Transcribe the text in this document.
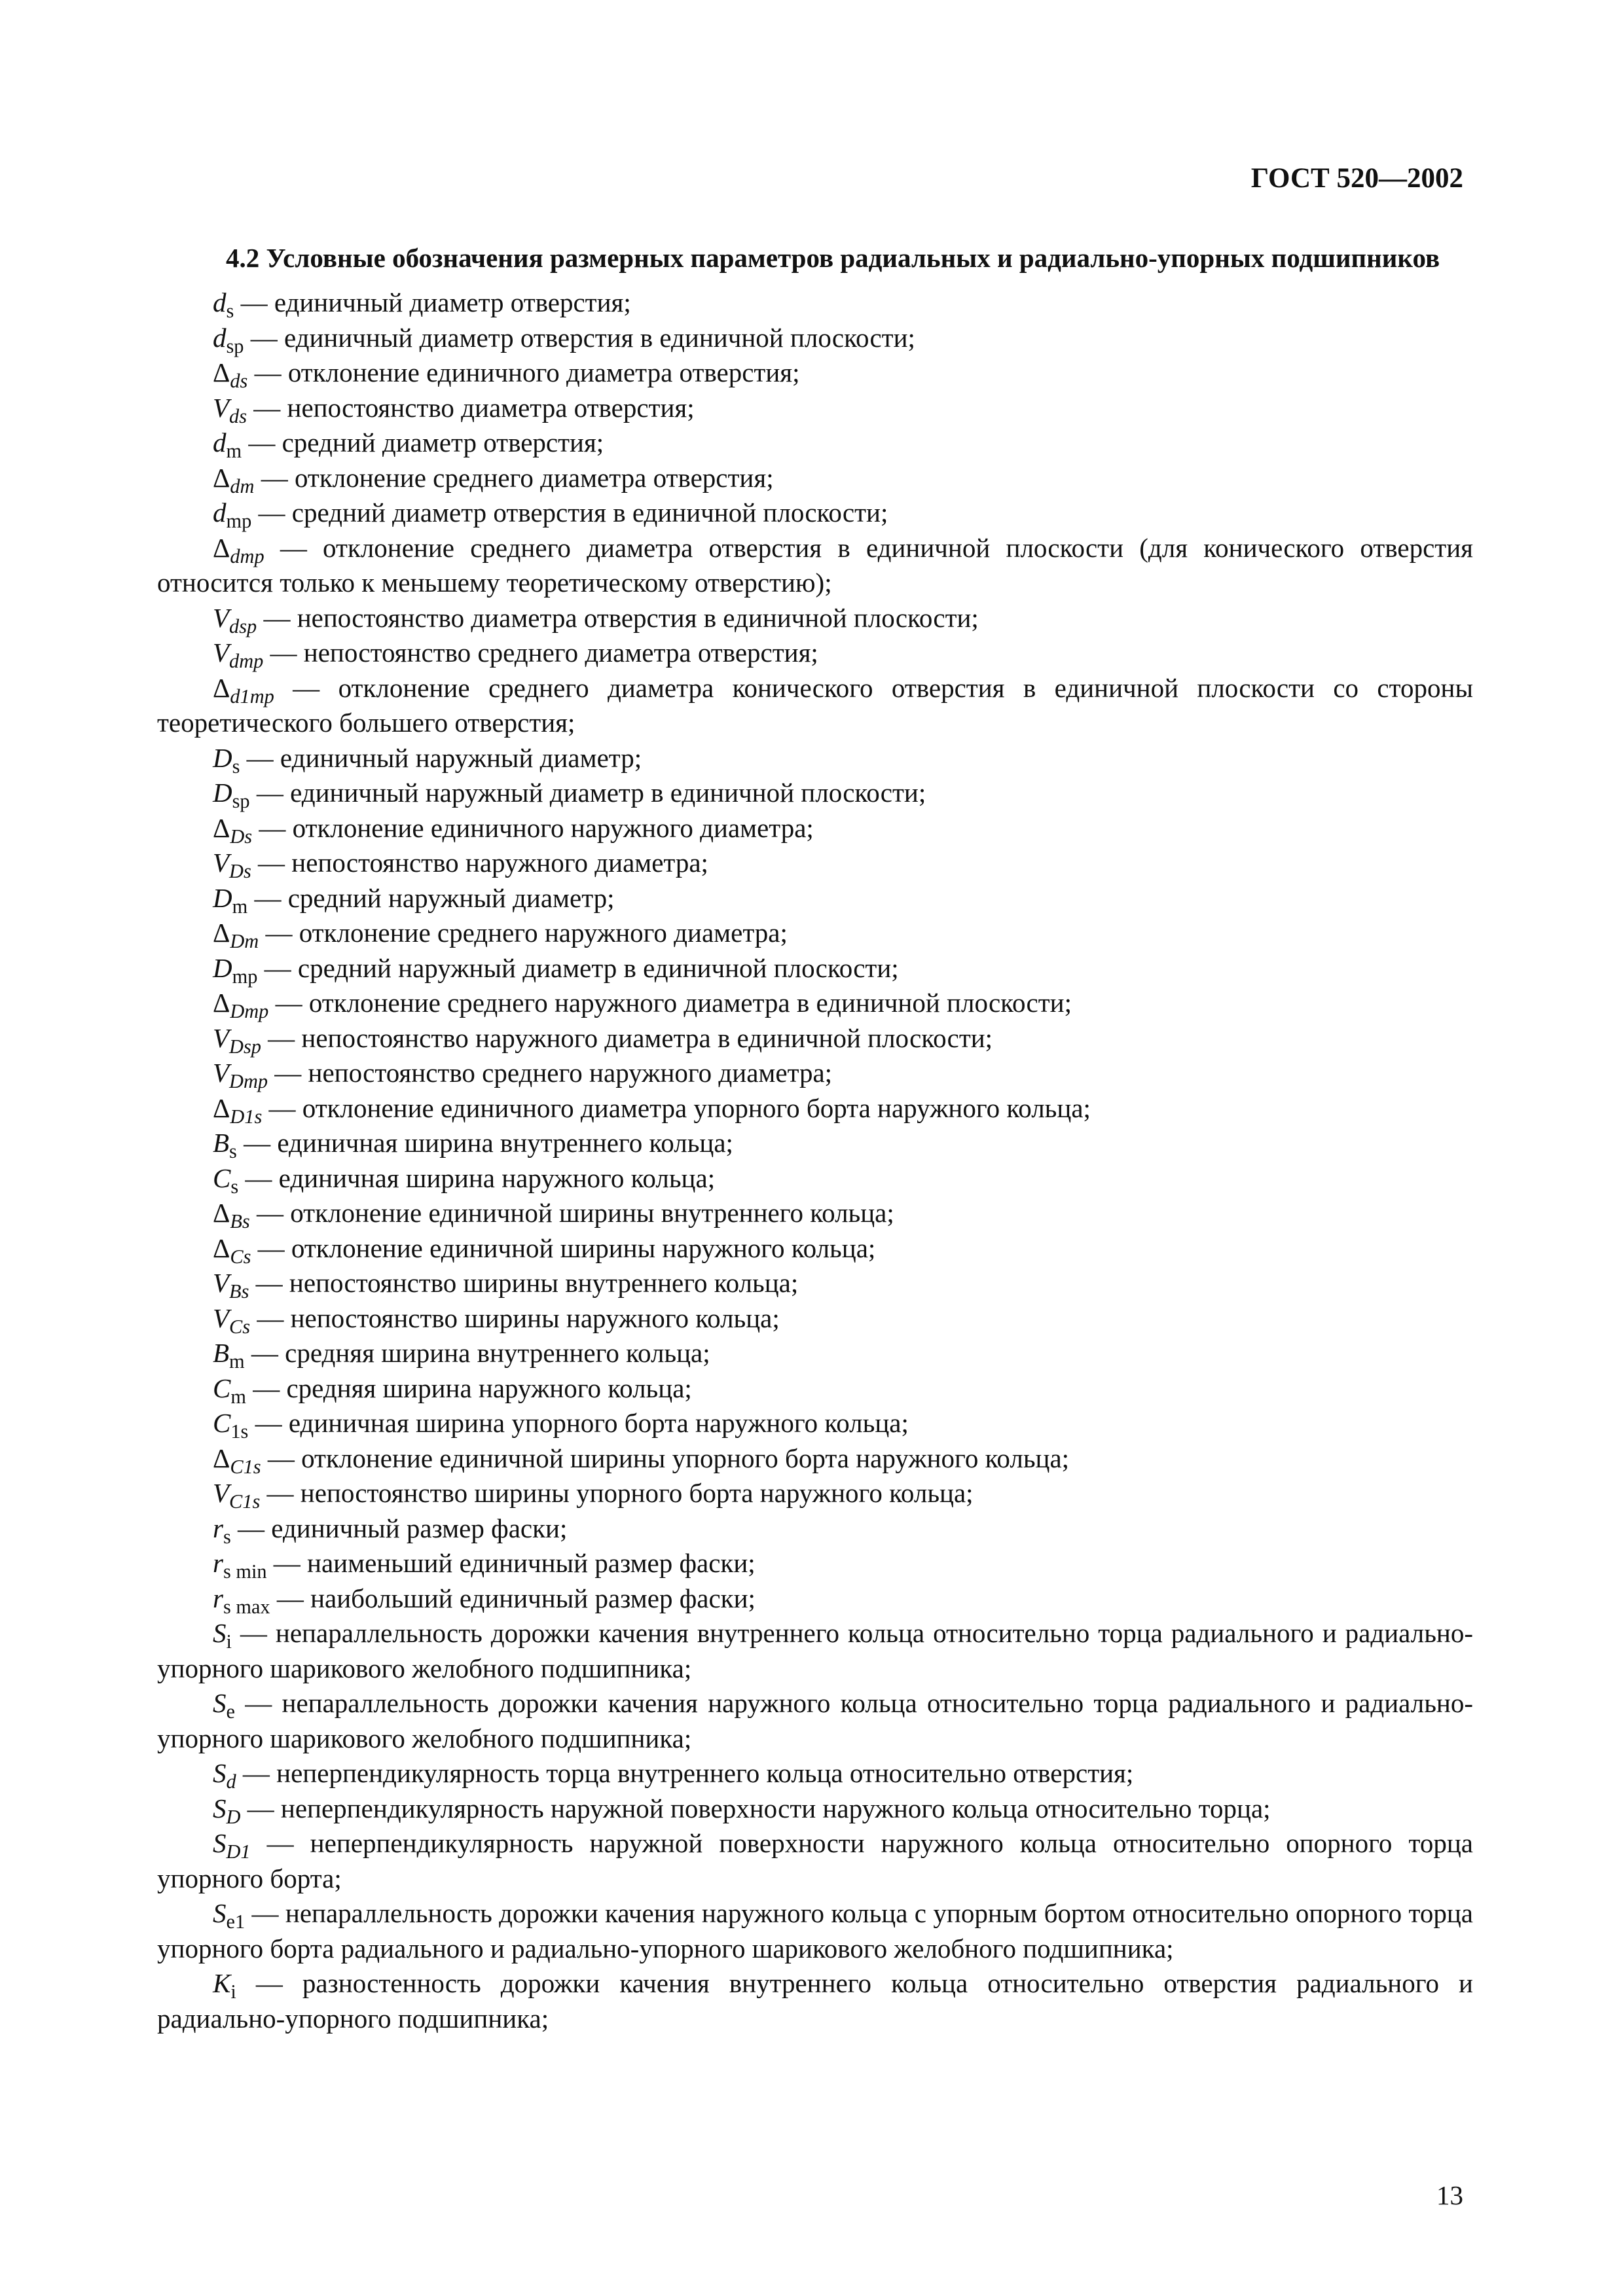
ГОСТ 520—2002
4.2 Условные обозначения размерных параметров радиальных и радиально-упорных подшипников
$d_s$ — единичный диаметр отверстия;
$d_{sp}$ — единичный диаметр отверстия в единичной плоскости;
$\Delta_{ds}$ — отклонение единичного диаметра отверстия;
$V_{ds}$ — непостоянство диаметра отверстия;
$d_m$ — средний диаметр отверстия;
$\Delta_{dm}$ — отклонение среднего диаметра отверстия;
$d_{mp}$ — средний диаметр отверстия в единичной плоскости;
$\Delta_{dmp}$ — отклонение среднего диаметра отверстия в единичной плоскости (для конического отверстия относится только к меньшему теоретическому отверстию);
$V_{dsp}$ — непостоянство диаметра отверстия в единичной плоскости;
$V_{dmp}$ — непостоянство среднего диаметра отверстия;
$\Delta_{d1mp}$ — отклонение среднего диаметра конического отверстия в единичной плоскости со стороны теоретического большего отверстия;
$D_s$ — единичный наружный диаметр;
$D_{sp}$ — единичный наружный диаметр в единичной плоскости;
$\Delta_{Ds}$ — отклонение единичного наружного диаметра;
$V_{Ds}$ — непостоянство наружного диаметра;
$D_m$ — средний наружный диаметр;
$\Delta_{Dm}$ — отклонение среднего наружного диаметра;
$D_{mp}$ — средний наружный диаметр в единичной плоскости;
$\Delta_{Dmp}$ — отклонение среднего наружного диаметра в единичной плоскости;
$V_{Dsp}$ — непостоянство наружного диаметра в единичной плоскости;
$V_{Dmp}$ — непостоянство среднего наружного диаметра;
$\Delta_{D1s}$ — отклонение единичного диаметра упорного борта наружного кольца;
$B_s$ — единичная ширина внутреннего кольца;
$C_s$ — единичная ширина наружного кольца;
$\Delta_{Bs}$ — отклонение единичной ширины внутреннего кольца;
$\Delta_{Cs}$ — отклонение единичной ширины наружного кольца;
$V_{Bs}$ — непостоянство ширины внутреннего кольца;
$V_{Cs}$ — непостоянство ширины наружного кольца;
$B_m$ — средняя ширина внутреннего кольца;
$C_m$ — средняя ширина наружного кольца;
$C_{1s}$ — единичная ширина упорного борта наружного кольца;
$\Delta_{C1s}$ — отклонение единичной ширины упорного борта наружного кольца;
$V_{C1s}$ — непостоянство ширины упорного борта наружного кольца;
$r_s$ — единичный размер фаски;
$r_{s min}$ — наименьший единичный размер фаски;
$r_{s max}$ — наибольший единичный размер фаски;
$S_i$ — непараллельность дорожки качения внутреннего кольца относительно торца радиального и радиально-упорного шарикового желобного подшипника;
$S_e$ — непараллельность дорожки качения наружного кольца относительно торца радиального и радиально-упорного шарикового желобного подшипника;
$S_d$ — неперпендикулярность торца внутреннего кольца относительно отверстия;
$S_D$ — неперпендикулярность наружной поверхности наружного кольца относительно торца;
$S_{D1}$ — неперпендикулярность наружной поверхности наружного кольца относительно опорного торца упорного борта;
$S_{e1}$ — непараллельность дорожки качения наружного кольца с упорным бортом относительно опорного торца упорного борта радиального и радиально-упорного шарикового желобного подшипника;
$K_i$ — разностенность дорожки качения внутреннего кольца относительно отверстия радиального и радиально-упорного подшипника;
13
